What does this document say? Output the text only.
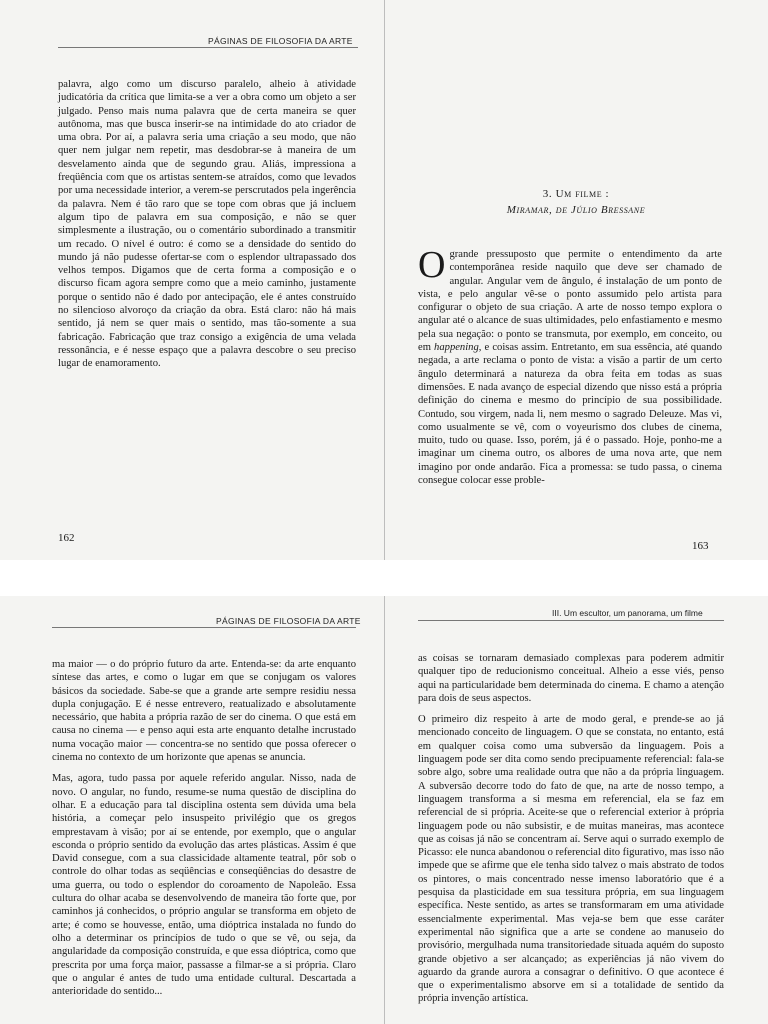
PÁGINAS DE FILOSOFIA DA ARTE

palavra, algo como um discurso paralelo, alheio à atividade judicatória da crítica que limita-se a ver a obra como um objeto a ser julgado. Penso mais numa palavra que de certa maneira se quer autônoma, mas que busca inserir-se na intimidade do ato criador de uma obra. Por aí, a palavra seria uma criação a seu modo, que não quer nem julgar nem repetir, mas desdobrar-se à maneira de um desvelamento ainda que de segundo grau. Aliás, impressiona a freqüência com que os artistas sentem-se atraídos, como que levados por uma necessidade interior, a verem-se perscrutados pela ingerência da palavra. Nem é tão raro que se tope com obras que já incluem algum tipo de palavra em sua composição, e não se quer simplesmente a ilustração, ou o comentário subordinado a transmitir um recado. O nível é outro: é como se a densidade do sentido do mundo já não pudesse ofertar-se com o esplendor ultrapassado dos velhos tempos. Digamos que de certa forma a composição e o discurso ficam agora sempre como que a meio caminho, justamente porque o sentido não é dado por antecipação, ele é antes construído no silencioso alvoroço da criação da obra. Está claro: não há mais sentido, já nem se quer mais o sentido, mas tão-somente a sua fabricação. Fabricação que traz consigo a exigência de uma velada ressonância, e é nesse espaço que a palavra descobre o seu preciso lugar de enamoramento.

162
3. Um filme :
Miramar, de Júlio Bressane
Ogrande pressuposto que permite o entendimento da arte contemporânea reside naquilo que deve ser chamado de angular. Angular vem de ângulo, é instalação de um ponto de vista, e pelo angular vê-se o ponto assumido pelo artista para configurar o objeto de sua criação. A arte de nosso tempo explora o angular até o alcance de suas ultimidades, pelo enfastiamento e mesmo pela sua negação: o ponto se transmuta, por exemplo, em conceito, ou em happening, e coisas assim. Entretanto, em sua essência, até quando negada, a arte reclama o ponto de vista: a visão a partir de um certo ângulo determinará a natureza da obra feita em todas as suas dimensões. E nada avanço de especial dizendo que nisso está a própria definição do cinema e mesmo do princípio de sua possibilidade. Contudo, sou virgem, nada li, nem mesmo o sagrado Deleuze. Mas vi, como usualmente se vê, com o voyeurismo dos clubes de cinema, muito, tudo ou quase. Isso, porém, já é o passado. Hoje, ponho-me a imaginar um cinema outro, os albores de uma nova arte, que nem imagino por onde andarão. Fica a promessa: se tudo passa, o cinema consegue colocar esse proble-
163
PÁGINAS DE FILOSOFIA DA ARTE

ma maior — o do próprio futuro da arte. Entenda-se: da arte enquanto síntese das artes, e como o lugar em que se conjugam os valores básicos da sociedade. Sabe-se que a grande arte sempre residiu nessa dupla conjugação. E é nesse entrevero, reatualizado e absolutamente necessário, que habita a própria razão de ser do cinema. O que está em causa no cinema — e penso aqui esta arte enquanto detalhe incrustado numa vocação maior — concentra-se no sentido que possa oferecer o cinema no contexto de um horizonte que apenas se anuncia.

Mas, agora, tudo passa por aquele referido angular. Nisso, nada de novo. O angular, no fundo, resume-se numa questão de disciplina do olhar. E a educação para tal disciplina ostenta sem dúvida uma bela história, a começar pelo insuspeito privilégio que os gregos emprestavam à visão; por aí se entende, por exemplo, que o angular esconda o próprio sentido da evolução das artes plásticas. Assim é que David consegue, com a sua classicidade altamente teatral, pôr sob o controle do olhar todas as seqüências e conseqüências do desastre de uma guerra, ou todo o esplendor do coroamento de Napoleão. Essa cultura do olhar acaba se desenvolvendo de maneira tão forte que, por caminhos já conhecidos, o próprio angular se transforma em objeto de arte; é como se houvesse, então, uma dióptrica instalada no fundo do olho a determinar os princípios de tudo o que se vê, ou seja, da angularidade da composição construída, e que essa dióptrica, como que prescrita por uma força maior, passasse a filmar-se a si própria. Claro que o angular é antes de tudo uma entidade cultural. Descartada a anterioridade do sentido...

III. Um escultor, um panorama, um filme

as coisas se tornaram demasiado complexas para poderem admitir qualquer tipo de reducionismo conceitual. Alheio a esse viés, penso aqui na particularidade bem determinada do cinema. E chamo a atenção para dois de seus aspectos.

O primeiro diz respeito à arte de modo geral, e prende-se ao já mencionado conceito de linguagem. O que se constata, no entanto, está em qualquer coisa como uma subversão da linguagem. Pois a linguagem pode ser dita como sendo precipuamente referencial: fala-se sobre algo, sobre uma realidade outra que não a da própria linguagem. A subversão decorre todo do fato de que, na arte de nosso tempo, a linguagem transforma a si mesma em referencial, ela se faz em referencial de si própria. Aceite-se que o referencial exterior à própria linguagem pode ou não subsistir, e de muitas maneiras, mas acontece que as coisas já não se concentram aí. Serve aqui o surrado exemplo de Picasso: ele nunca abandonou o referencial dito figurativo, mas isso não impede que se afirme que ele tenha sido talvez o mais abstrato de todos os pintores, o mais concentrado nesse imenso laboratório que é a pesquisa da plasticidade em sua tessitura própria, em sua linguagem específica. Neste sentido, as artes se transformaram em uma atividade essencialmente experimental. Mas veja-se bem que esse caráter experimental não significa que a arte se condene ao manuseio do provisório, mergulhada numa transitoriedade situada aquém do suposto grande objetivo a ser alcançado; as experiências já não vivem do aguardo da grande aurora a consagrar o definitivo. O que acontece é que o experimentalismo absorve em si a totalidade de sentido da própria invenção artística.
